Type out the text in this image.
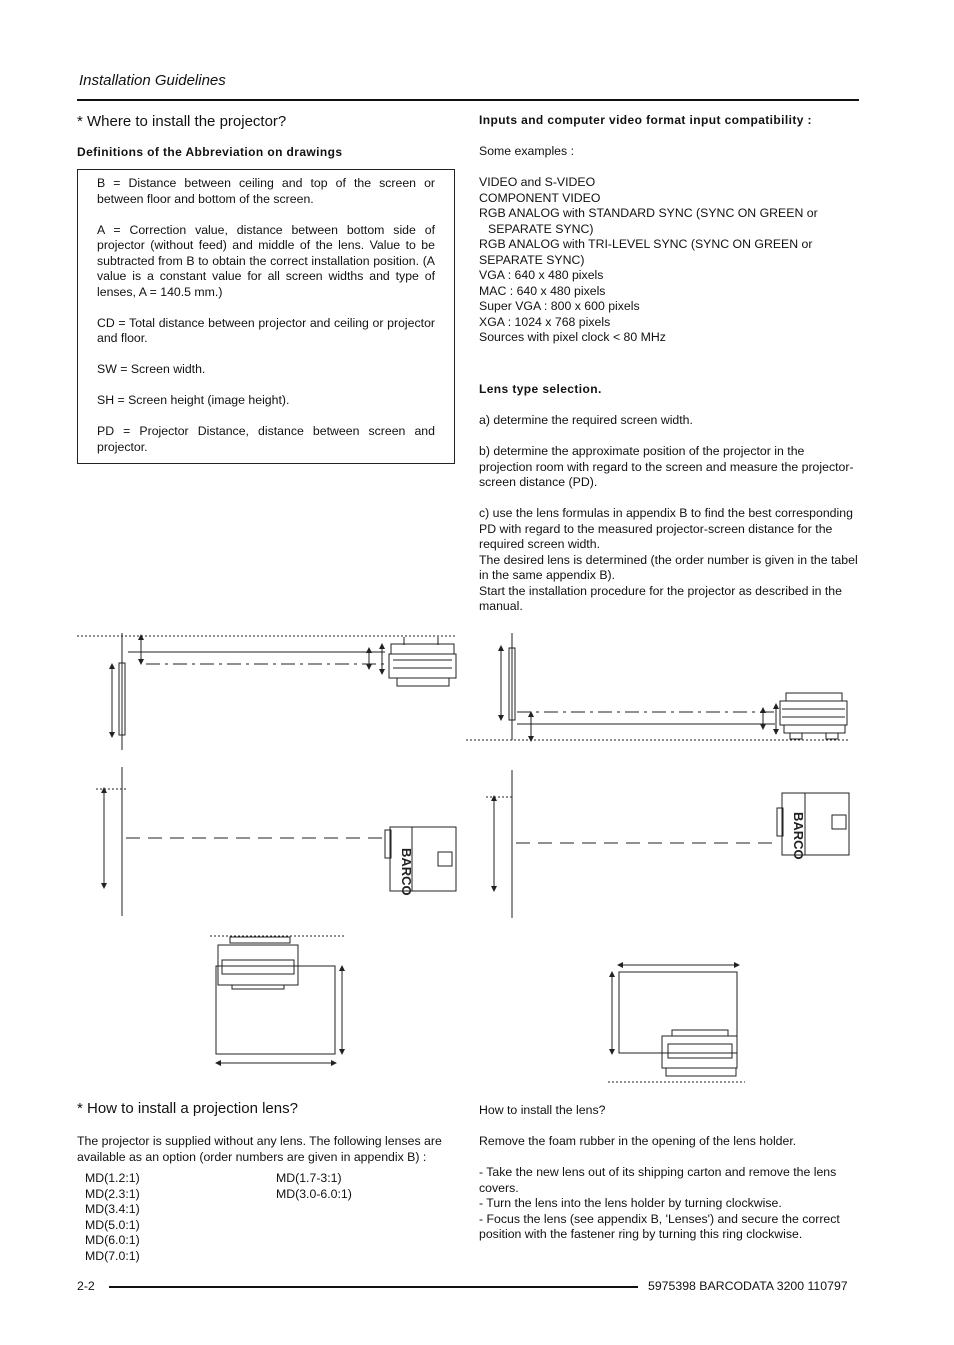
Installation Guidelines
* Where to install the projector?
Definitions of the Abbreviation on drawings

B = Distance between ceiling and top of the screen or between floor and bottom of the screen.

A = Correction value, distance between bottom side of projector (without feed) and middle of the lens. Value to be subtracted from B to obtain the correct installation position. (A value is a constant value for all screen widths and type of lenses, A = 140.5 mm.)

CD = Total distance between projector and ceiling or projector and floor.

SW = Screen width.

SH = Screen height (image height).

PD = Projector Distance, distance between screen and projector.

Inputs and computer video format input compatibility :
Some examples :
VIDEO and S-VIDEO
COMPONENT VIDEO
RGB ANALOG with STANDARD SYNC (SYNC ON GREEN or
SEPARATE SYNC)
RGB ANALOG with TRI-LEVEL SYNC (SYNC ON GREEN or
SEPARATE SYNC)
VGA : 640 x 480 pixels
MAC : 640 x 480 pixels
Super VGA : 800 x 600 pixels
XGA : 1024 x 768 pixels
Sources with pixel clock < 80 MHz
Lens type selection.
a) determine the required screen width.
b) determine the approximate position of the projector in the projection room with regard to the screen and measure the projector-screen distance (PD).
c) use the lens formulas in appendix B to find the best corresponding PD with regard to the measured projector-screen distance for the required screen width.
The desired lens is determined (the order number is given in the tabel in the same appendix B).
Start the installation procedure for the projector as described in the manual.
BARCO
BARCO
* How to install a projection lens?
The projector is supplied without any lens. The following lenses are available as an option (order numbers are given in appendix B) :
MD(1.2:1)
MD(2.3:1)
MD(3.4:1)
MD(5.0:1)
MD(6.0:1)
MD(7.0:1)
MD(1.7-3:1)
MD(3.0-6.0:1)
How to install the lens?
Remove the foam rubber in the opening of the lens holder.
- Take the new lens out of its shipping carton and remove the lens covers.
- Turn the lens into the lens holder by turning clockwise.
- Focus the lens (see appendix B, 'Lenses') and secure the correct position with the fastener ring by turning this ring clockwise.
2-2	5975398 BARCODATA 3200 110797
